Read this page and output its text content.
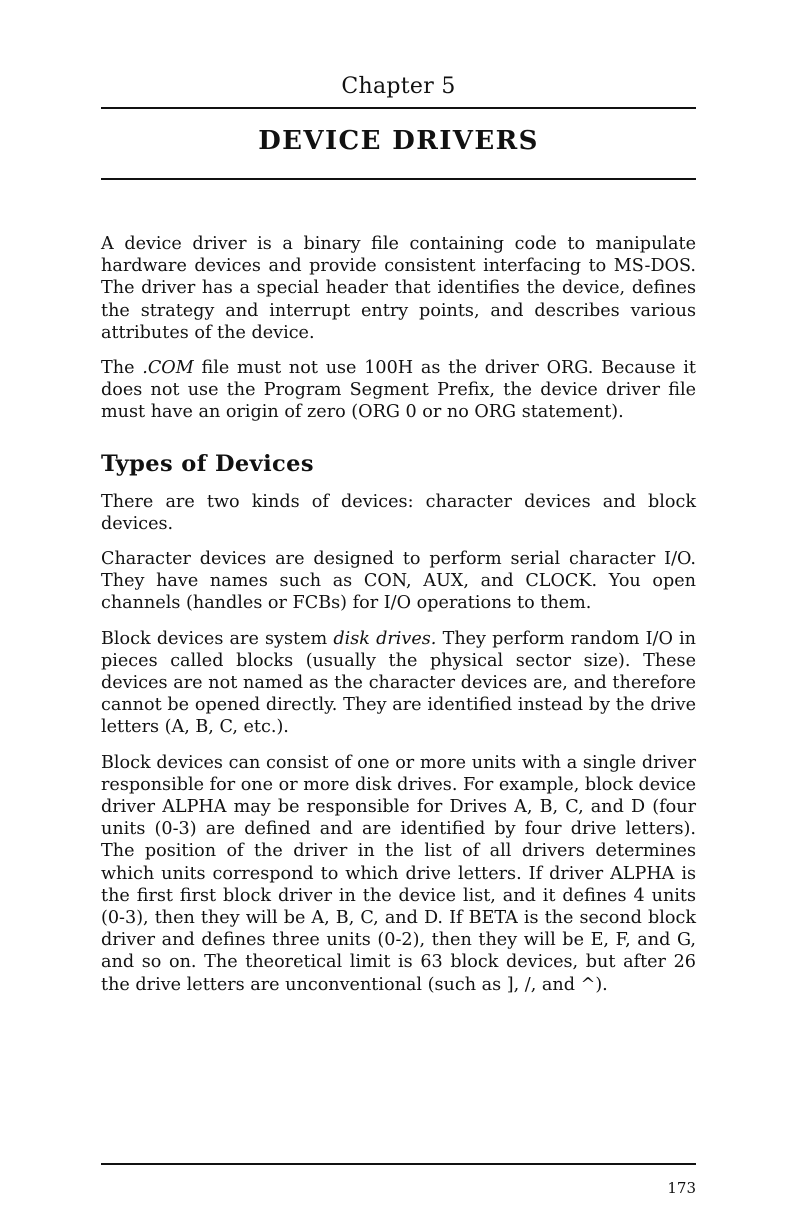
Chapter 5
DEVICE DRIVERS

A device driver is a binary file containing code to manipulate hardware devices and provide consistent interfacing to MS-DOS. The driver has a special header that identifies the device, defines the strategy and interrupt entry points, and describes various attributes of the device.

The .COM file must not use 100H as the driver ORG. Because it does not use the Program Segment Prefix, the device driver file must have an origin of zero (ORG 0 or no ORG statement).

Types of Devices

There are two kinds of devices: character devices and block devices.

Character devices are designed to perform serial character I/O. They have names such as CON, AUX, and CLOCK. You open channels (handles or FCBs) for I/O operations to them.

Block devices are system disk drives. They perform random I/O in pieces called blocks (usually the physical sector size). These devices are not named as the character devices are, and therefore cannot be opened directly. They are identified instead by the drive letters (A, B, C, etc.).

Block devices can consist of one or more units with a single driver responsible for one or more disk drives. For example, block device driver ALPHA may be responsible for Drives A, B, C, and D (four units (0-3) are defined and are identified by four drive letters). The position of the driver in the list of all drivers determines which units correspond to which drive letters. If driver ALPHA is the first first block driver in the device list, and it defines 4 units (0-3), then they will be A, B, C, and D. If BETA is the second block driver and defines three units (0-2), then they will be E, F, and G, and so on. The theoretical limit is 63 block devices, but after 26 the drive letters are unconventional (such as ], /, and ^).

173
